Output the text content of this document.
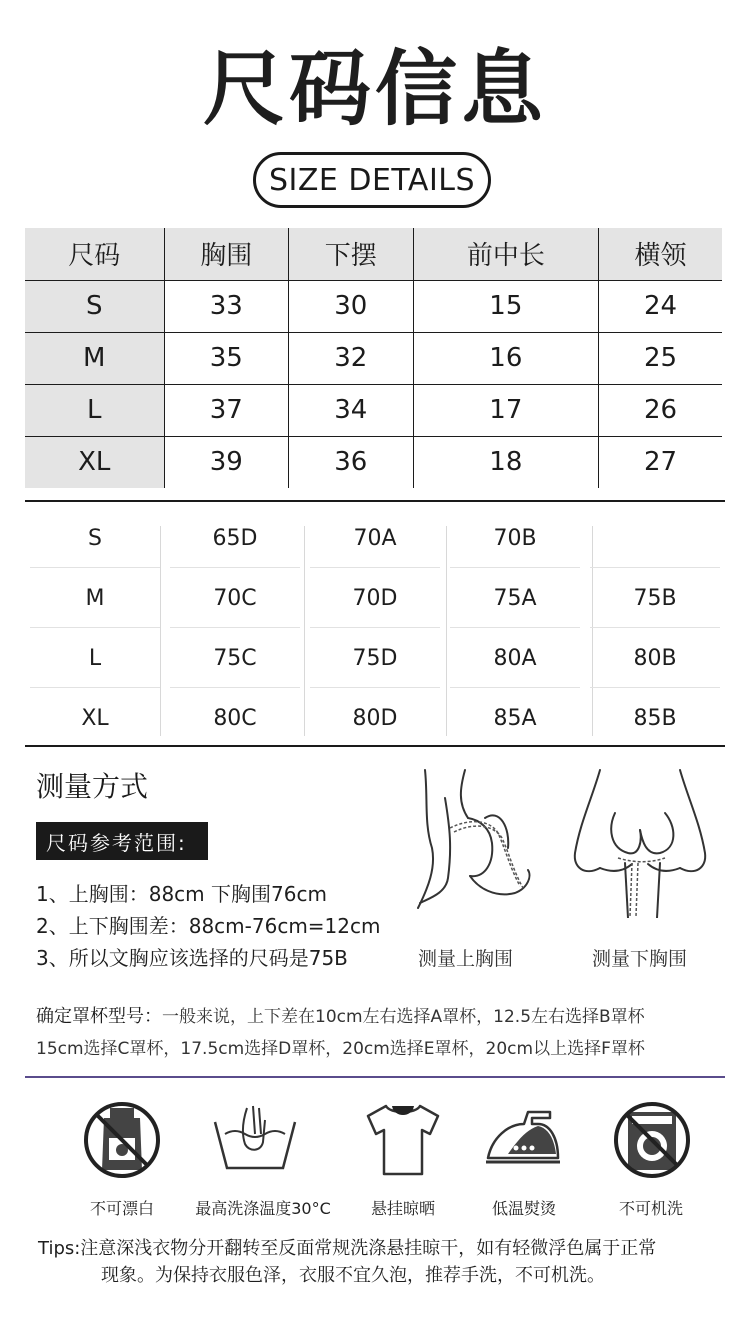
尺码信息
SIZE DETAILS
尺码	胸围	下摆	前中长	横领
S	33	30	15	24
M	35	32	16	25
L	37	34	17	26
XL	39	36	18	27
S	65D	70A	70B
M	70C	70D	75A	75B
L	75C	75D	80A	80B
XL	80C	80D	85A	85B
测量方式
尺码参考范围:
1、上胸围：88cm 下胸围76cm
2、上下胸围差：88cm-76cm=12cm
3、所以文胸应该选择的尺码是75B	测量上胸围	测量下胸围
确定罩杯型号：一般来说，上下差在10cm左右选择A罩杯，12.5左右选择B罩杯
15cm选择C罩杯，17.5cm选择D罩杯，20cm选择E罩杯，20cm以上选择F罩杯
不可漂白	最高洗涤温度30°C	悬挂晾晒	低温熨烫	不可机洗
Tips:注意深浅衣物分开翻转至反面常规洗涤悬挂晾干，如有轻微浮色属于正常
现象。为保持衣服色泽，衣服不宜久泡，推荐手洗，不可机洗。
